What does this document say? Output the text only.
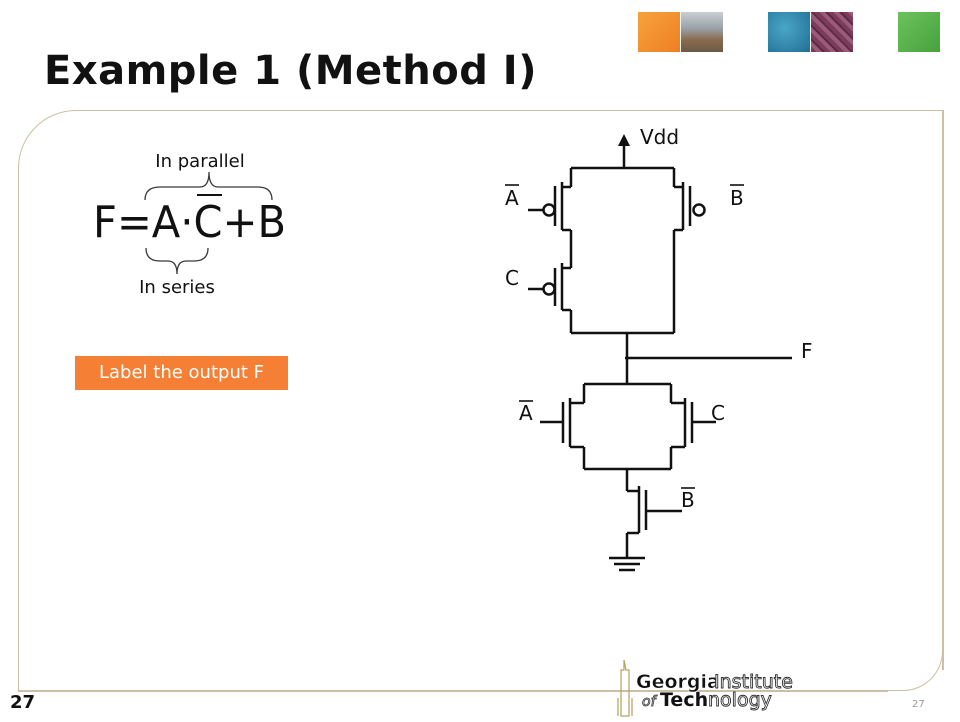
Example 1 (Method I)
In parallel
F=A·C+B
In series
Label the output F
Vdd
A	B
C
F
A	C
B
Georgia
Institute
of Tech nology
27	27
